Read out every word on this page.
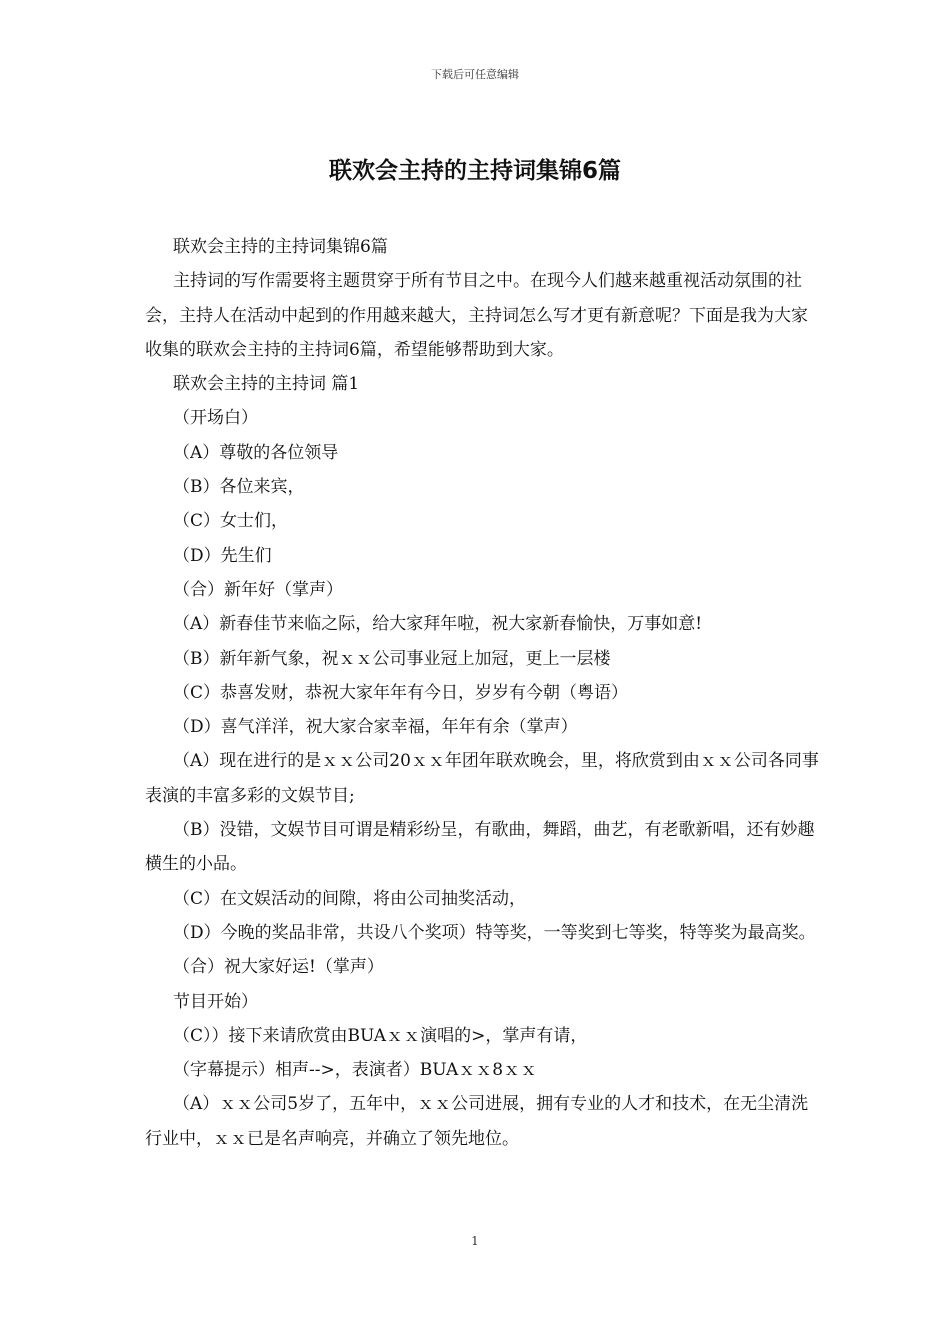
下载后可任意编辑
联欢会主持的主持词集锦6篇

联欢会主持的主持词集锦6篇

主持词的写作需要将主题贯穿于所有节目之中。在现今人们越来越重视活动氛围的社会，主持人在活动中起到的作用越来越大，主持词怎么写才更有新意呢？下面是我为大家收集的联欢会主持的主持词6篇，希望能够帮助到大家。

联欢会主持的主持词 篇1

（开场白）

（A）尊敬的各位领导

（B）各位来宾，

（C）女士们，

（D）先生们

（合）新年好（掌声）

（A）新春佳节来临之际，给大家拜年啦，祝大家新春愉快，万事如意!

（B）新年新气象，祝ｘｘ公司事业冠上加冠，更上一层楼

（C）恭喜发财，恭祝大家年年有今日，岁岁有今朝（粤语）

（D）喜气洋洋，祝大家合家幸福，年年有余（掌声）

（A）现在进行的是ｘｘ公司20ｘｘ年团年联欢晚会，里，将欣赏到由ｘｘ公司各同事表演的丰富多彩的文娱节目;

（B）没错，文娱节目可谓是精彩纷呈，有歌曲，舞蹈，曲艺，有老歌新唱，还有妙趣横生的小品。

（C）在文娱活动的间隙，将由公司抽奖活动，

（D）今晚的奖品非常，共设八个奖项）特等奖，一等奖到七等奖，特等奖为最高奖。

（合）祝大家好运!（掌声）

节目开始）

（C））接下来请欣赏由BUAｘｘ演唱的>，掌声有请，

（字幕提示）相声-->，表演者）BUAｘｘ8ｘｘ

（A）ｘｘ公司5岁了，五年中，ｘｘ公司进展，拥有专业的人才和技术，在无尘清洗行业中，ｘｘ已是名声响亮，并确立了领先地位。

1
